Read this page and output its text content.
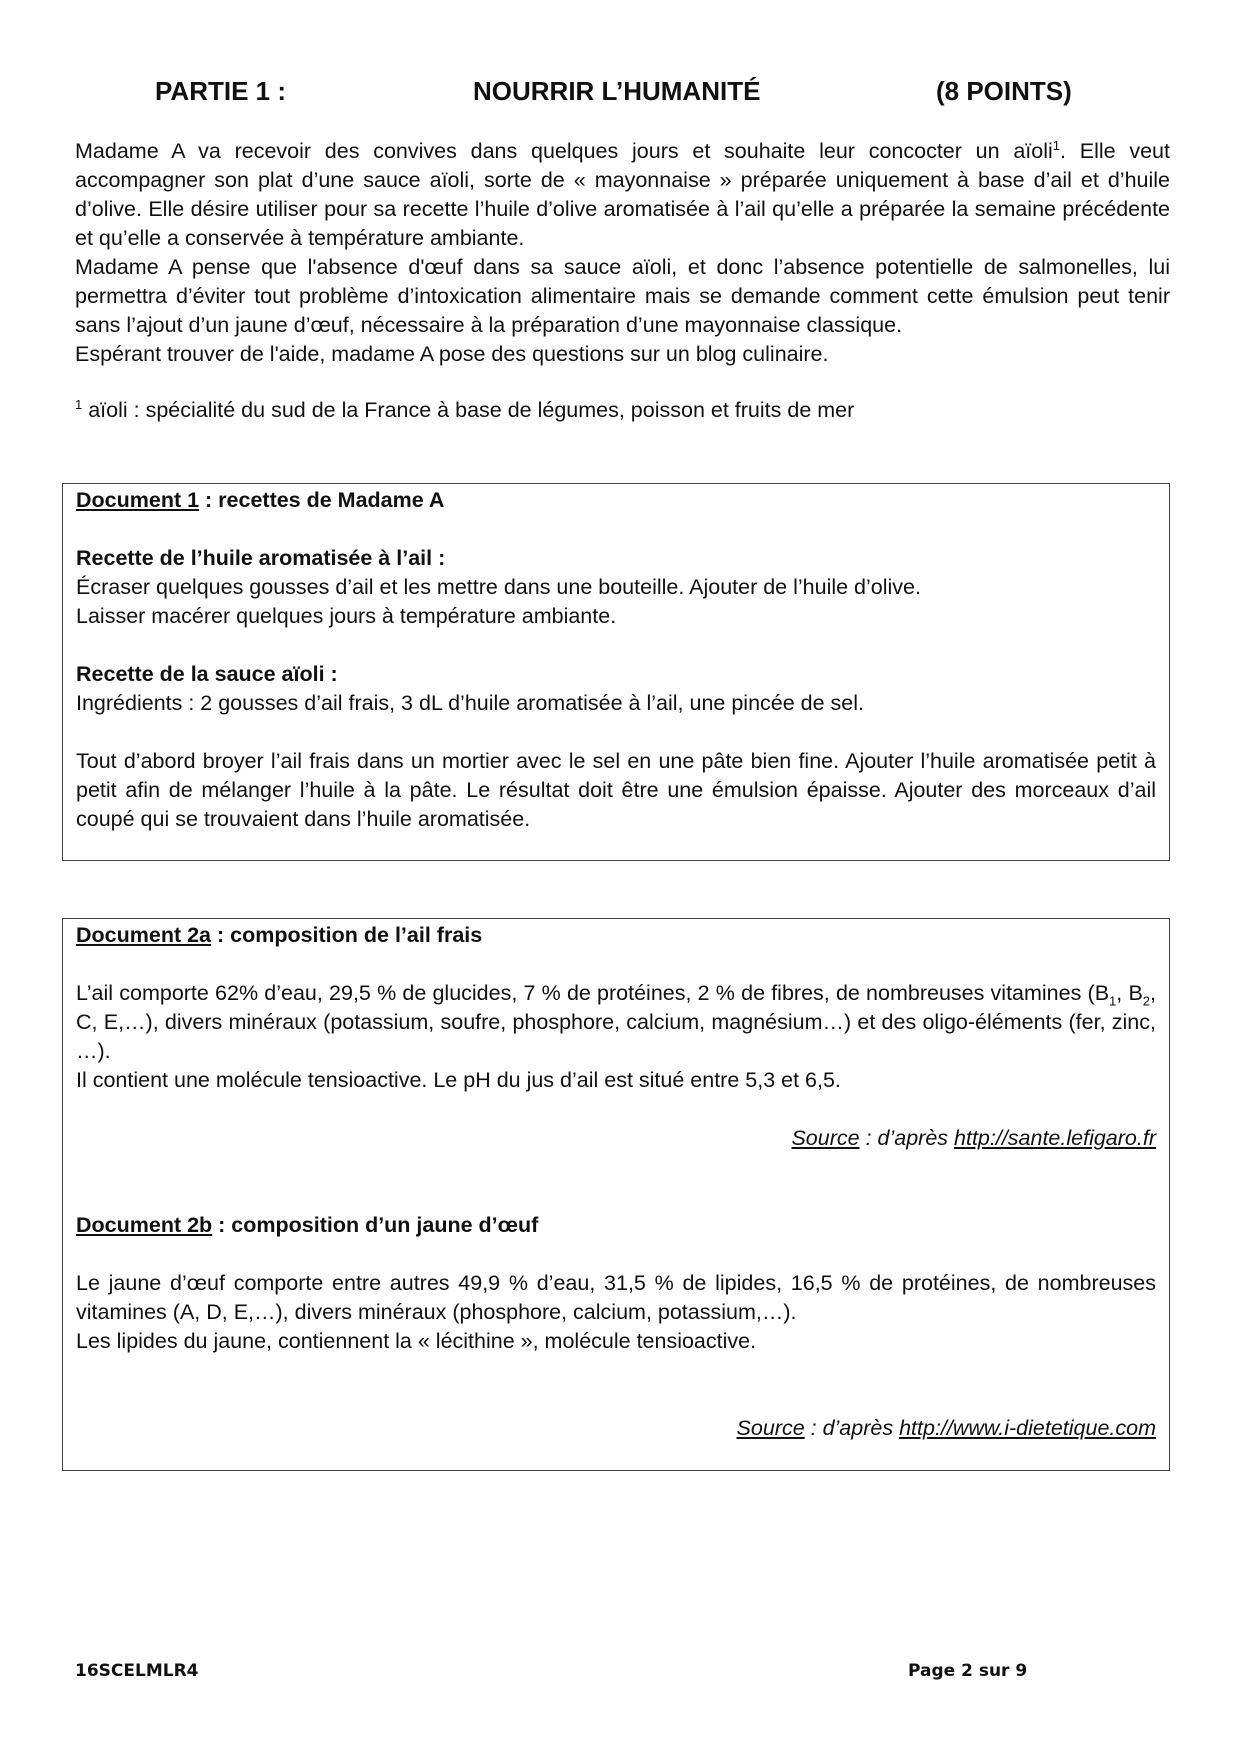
PARTIE 1 :	NOURRIR L’HUMANITÉ	(8 POINTS)

Madame A va recevoir des convives dans quelques jours et souhaite leur concocter un aïoli$^1$. Elle veut accompagner son plat d’une sauce aïoli, sorte de « mayonnaise » préparée uniquement à base d’ail et d’huile d’olive. Elle désire utiliser pour sa recette l’huile d’olive aromatisée à l’ail qu’elle a préparée la semaine précédente et qu’elle a conservée à température ambiante.

Madame A pense que l'absence d'œuf dans sa sauce aïoli, et donc l’absence potentielle de salmonelles, lui permettra d’éviter tout problème d’intoxication alimentaire mais se demande comment cette émulsion peut tenir sans l’ajout d’un jaune d’œuf, nécessaire à la préparation d’une mayonnaise classique.

Espérant trouver de l'aide, madame A pose des questions sur un blog culinaire.

$^1$ aïoli : spécialité du sud de la France à base de légumes, poisson et fruits de mer

Document 1 : recettes de Madame A

Recette de l’huile aromatisée à l’ail :

Écraser quelques gousses d’ail et les mettre dans une bouteille. Ajouter de l’huile d’olive.

Laisser macérer quelques jours à température ambiante.

Recette de la sauce aïoli :

Ingrédients : 2 gousses d’ail frais, 3 dL d’huile aromatisée à l’ail, une pincée de sel.

Tout d’abord broyer l’ail frais dans un mortier avec le sel en une pâte bien fine. Ajouter l’huile aromatisée petit à petit afin de mélanger l’huile à la pâte. Le résultat doit être une émulsion épaisse. Ajouter des morceaux d’ail coupé qui se trouvaient dans l’huile aromatisée.

Document 2a : composition de l’ail frais

L’ail comporte 62% d’eau, 29,5 % de glucides, 7 % de protéines, 2 % de fibres, de nombreuses vitamines ($B_1$, $B_2$, C, E,…), divers minéraux (potassium, soufre, phosphore, calcium, magnésium…) et des oligo-éléments (fer, zinc, …).

Il contient une molécule tensioactive. Le pH du jus d’ail est situé entre 5,3 et 6,5.

Source : d’après http://sante.lefigaro.fr

Document 2b : composition d’un jaune d’œuf

Le jaune d’œuf comporte entre autres 49,9 % d’eau, 31,5 % de lipides, 16,5 % de protéines, de nombreuses vitamines (A, D, E,…), divers minéraux (phosphore, calcium, potassium,…).

Les lipides du jaune, contiennent la « lécithine », molécule tensioactive.

Source : d’après http://www.i-dietetique.com

16SCELMLR4	Page 2 sur 9
